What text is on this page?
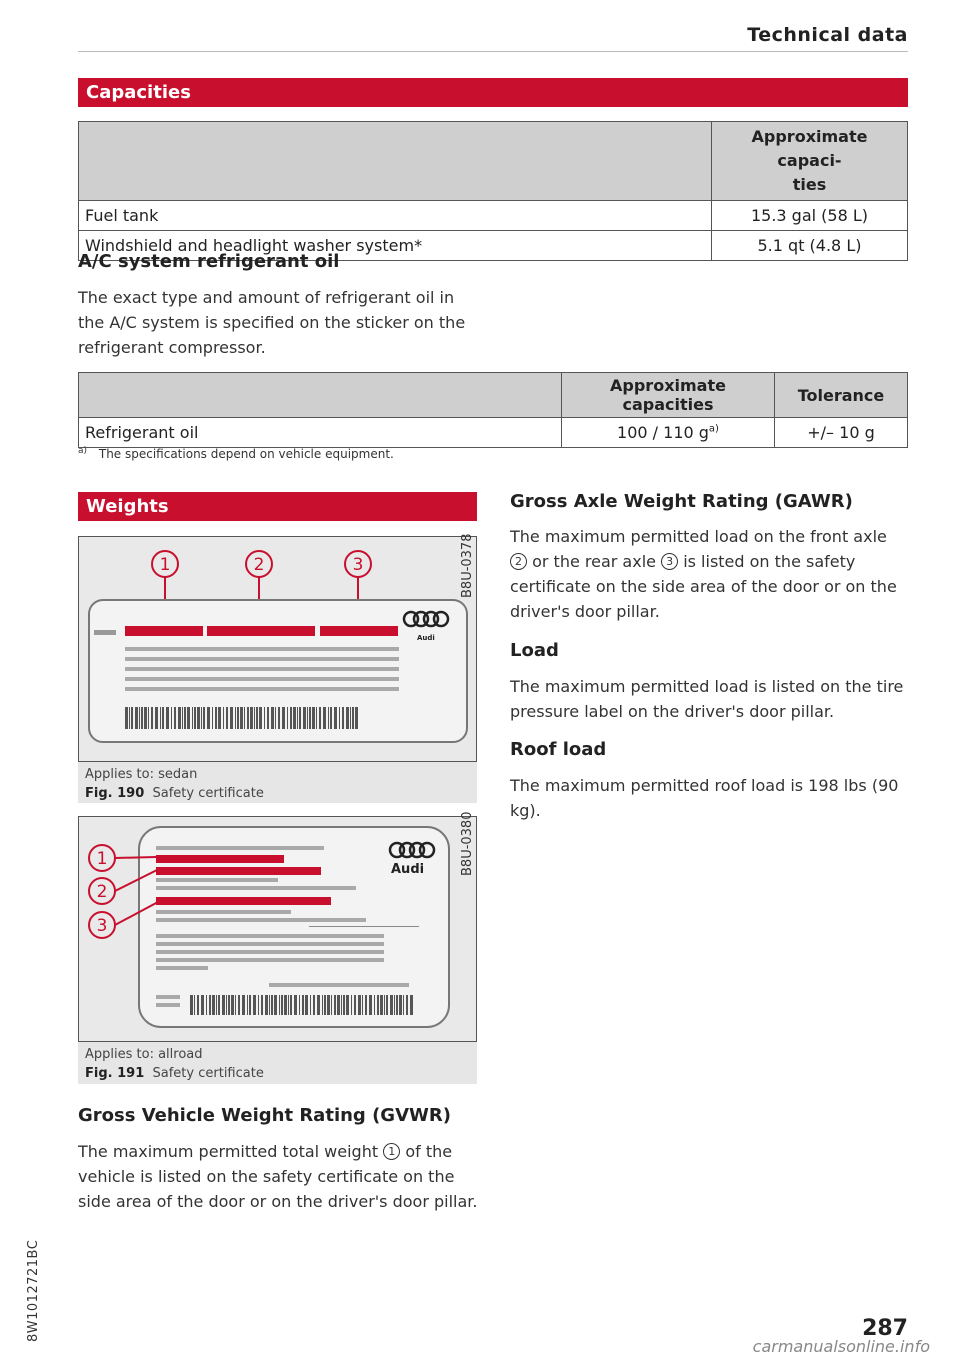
Technical data
Capacities
	Approximate capaci-
ties
Fuel tank	15.3 gal (58 L)
Windshield and headlight washer system*	5.1 qt (4.8 L)
A/C system refrigerant oil

The exact type and amount of refrigerant oil in the A/C system is specified on the sticker on the refrigerant compressor.

	Approximate capacities	Tolerance
Refrigerant oil	100 / 110 $g^{a)}$	+/– 10 g
$^{a)}$ The specifications depend on vehicle equipment.
Weights
1	2	3
Audi
B8U-0378
Applies to: sedan
Fig. 190 Safety certificate
1
2
3
Audi	B8U-0380
Applies to: allroad
Fig. 191 Safety certificate
Gross Vehicle Weight Rating (GVWR)

The maximum permitted total weight 1 of the vehicle is listed on the safety certificate on the side area of the door or on the driver's door pillar.

Gross Axle Weight Rating (GAWR)

The maximum permitted load on the front axle 2 or the rear axle 3 is listed on the safety certificate on the side area of the door or on the driver's door pillar.

Load

The maximum permitted load is listed on the tire pressure label on the driver's door pillar.

Roof load

The maximum permitted roof load is 198 lbs (90 kg).

287
8W1012721BC
carmanualsonline.info
